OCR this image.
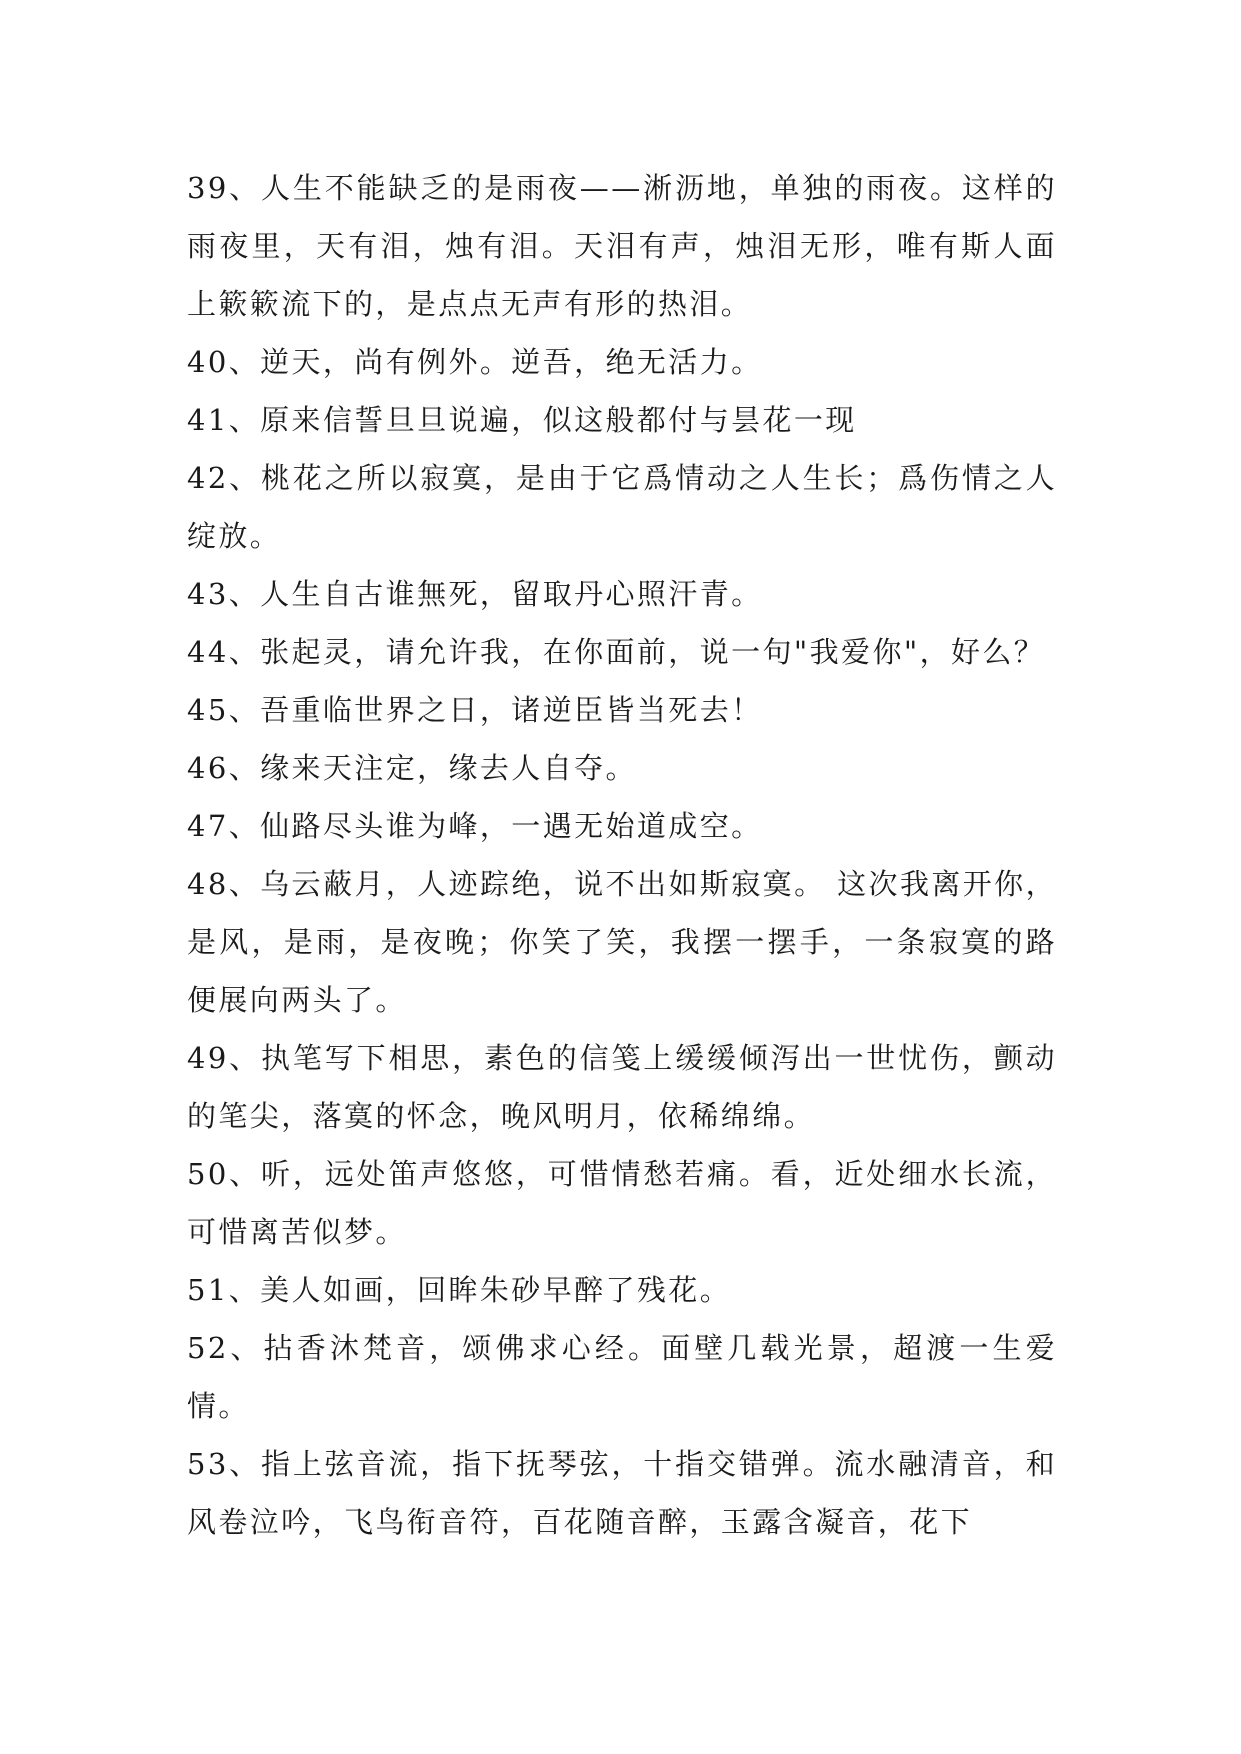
39、人生不能缺乏的是雨夜——淅沥地，单独的雨夜。这样的雨夜里，天有泪，烛有泪。天泪有声，烛泪无形，唯有斯人面上簌簌流下的，是点点无声有形的热泪。

40、逆天，尚有例外。逆吾，绝无活力。

41、原来信誓旦旦说遍，似这般都付与昙花一现

42、桃花之所以寂寞，是由于它爲情动之人生长；爲伤情之人绽放。

43、人生自古谁無死，留取丹心照汗青。

44、张起灵，请允许我，在你面前，说一句"我爱你"，好么？

45、吾重临世界之日，诸逆臣皆当死去！

46、缘来天注定，缘去人自夺。

47、仙路尽头谁为峰，一遇无始道成空。

48、乌云蔽月，人迹踪绝，说不出如斯寂寞。 这次我离开你，是风，是雨，是夜晚；你笑了笑，我摆一摆手，一条寂寞的路便展向两头了。

49、执笔写下相思，素色的信笺上缓缓倾泻出一世忧伤，颤动的笔尖，落寞的怀念，晚风明月，依稀绵绵。

50、听，远处笛声悠悠，可惜情愁若痛。看，近处细水长流，可惜离苦似梦。

51、美人如画，回眸朱砂早醉了残花。

52、拈香沐梵音，颂佛求心经。面壁几载光景，超渡一生爱情。

53、指上弦音流，指下抚琴弦，十指交错弹。流水融清音，和风卷泣吟，飞鸟衔音符，百花随音醉，玉露含凝音，花下
